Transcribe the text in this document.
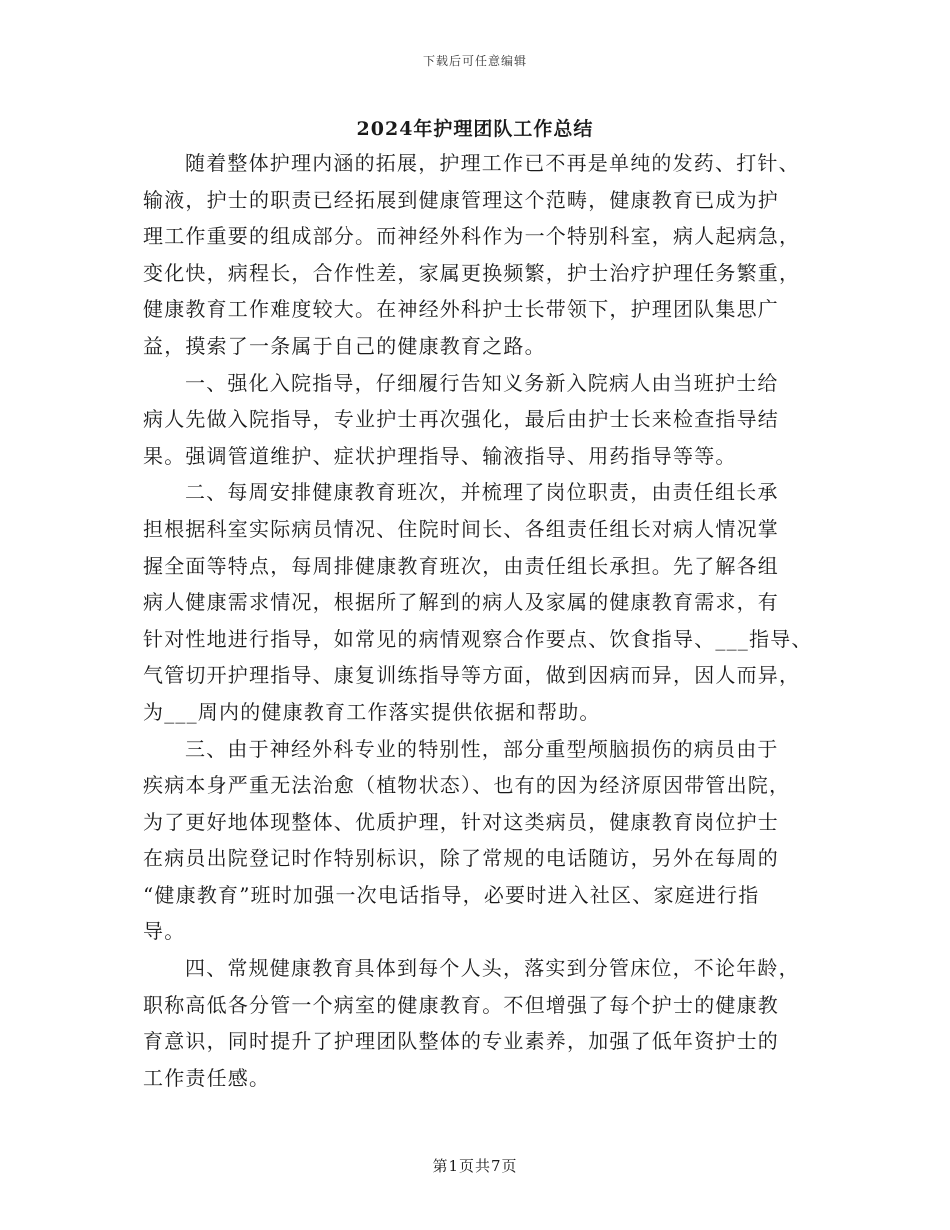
下载后可任意编辑
2024年护理团队工作总结
随着整体护理内涵的拓展，护理工作已不再是单纯的发药、打针、
输液，护士的职责已经拓展到健康管理这个范畴，健康教育已成为护
理工作重要的组成部分。而神经外科作为一个特别科室，病人起病急，
变化快，病程长，合作性差，家属更换频繁，护士治疗护理任务繁重，
健康教育工作难度较大。在神经外科护士长带领下，护理团队集思广
益，摸索了一条属于自己的健康教育之路。
一、强化入院指导，仔细履行告知义务新入院病人由当班护士给
病人先做入院指导，专业护士再次强化，最后由护士长来检查指导结
果。强调管道维护、症状护理指导、输液指导、用药指导等等。
二、每周安排健康教育班次，并梳理了岗位职责，由责任组长承
担根据科室实际病员情况、住院时间长、各组责任组长对病人情况掌
握全面等特点，每周排健康教育班次，由责任组长承担。先了解各组
病人健康需求情况，根据所了解到的病人及家属的健康教育需求，有
针对性地进行指导，如常见的病情观察合作要点、饮食指导、___指导、
气管切开护理指导、康复训练指导等方面，做到因病而异，因人而异，
为___周内的健康教育工作落实提供依据和帮助。
三、由于神经外科专业的特别性，部分重型颅脑损伤的病员由于
疾病本身严重无法治愈（植物状态）、也有的因为经济原因带管出院，
为了更好地体现整体、优质护理，针对这类病员，健康教育岗位护士
在病员出院登记时作特别标识，除了常规的电话随访，另外在每周的
“健康教育”班时加强一次电话指导，必要时进入社区、家庭进行指
导。
四、常规健康教育具体到每个人头，落实到分管床位，不论年龄，
职称高低各分管一个病室的健康教育。不但增强了每个护士的健康教
育意识，同时提升了护理团队整体的专业素养，加强了低年资护士的
工作责任感。
第1页共7页
